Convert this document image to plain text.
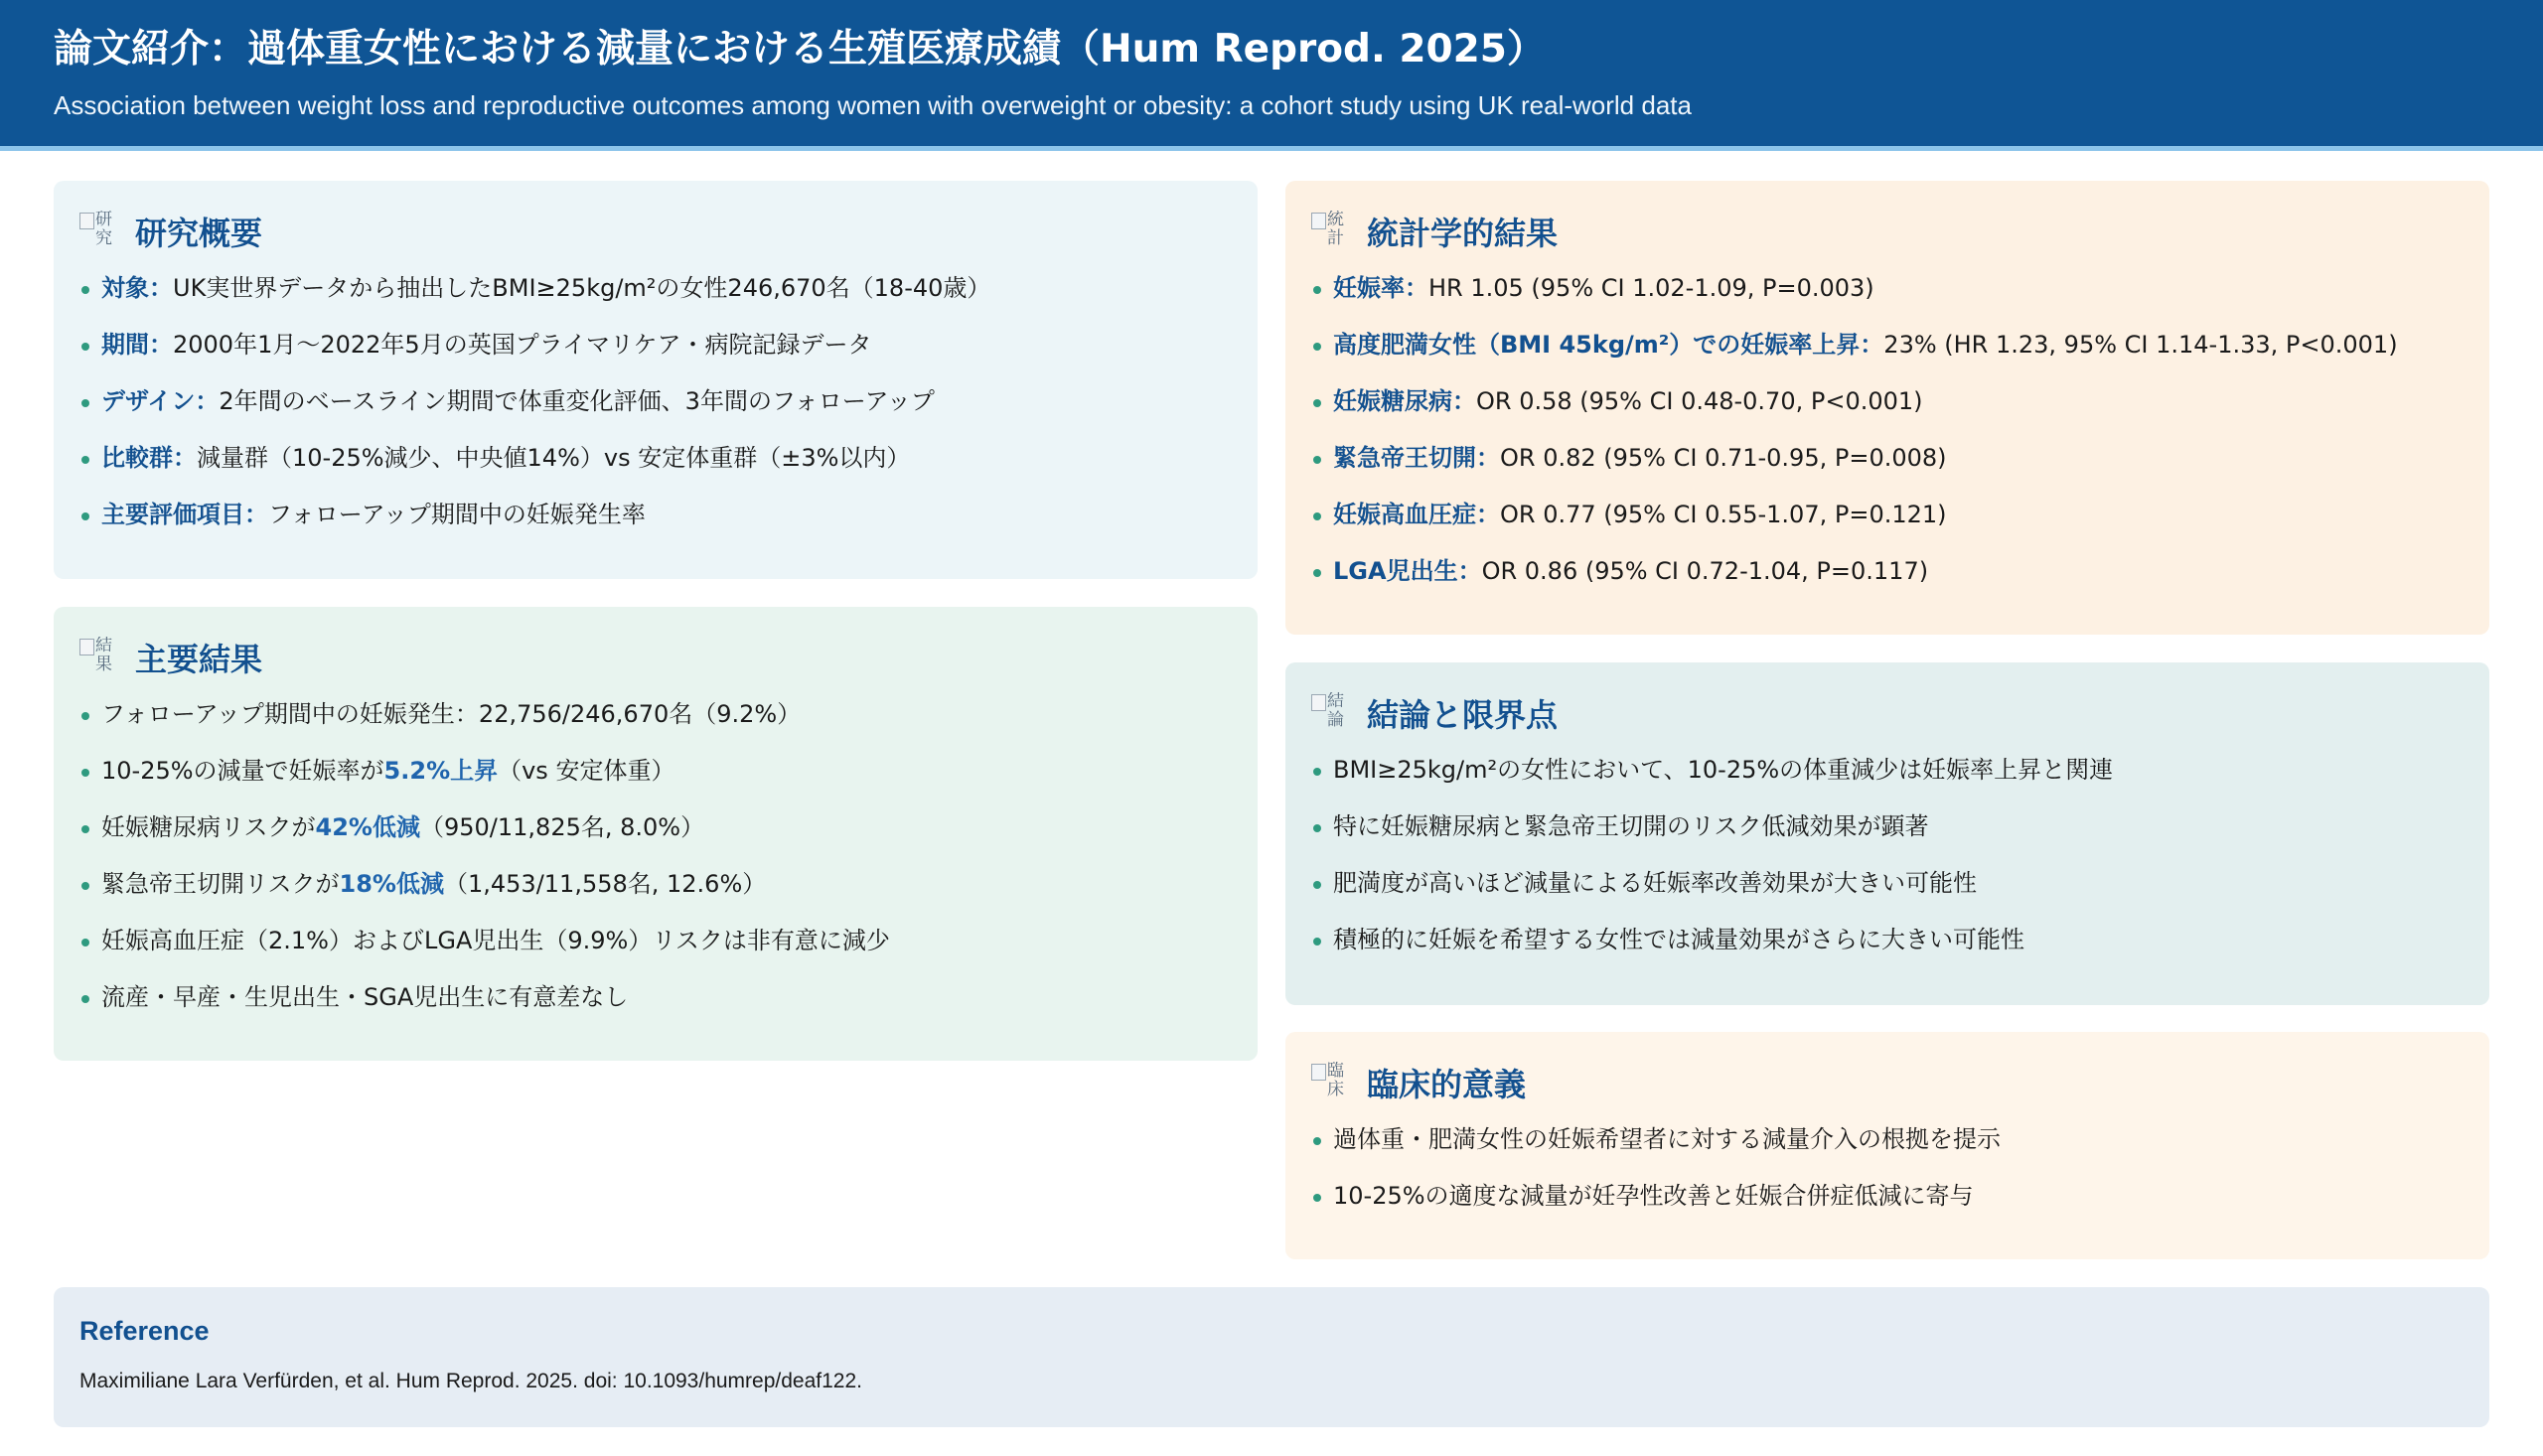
論文紹介：過体重女性における減量における生殖医療成績（Hum Reprod. 2025）
Association between weight loss and reproductive outcomes among women with overweight or obesity: a cohort study using UK real-world data
研究 研究概要
対象：UK実世界データから抽出したBMI≥25kg/m²の女性246,670名（18-40歳）
期間：2000年1月〜2022年5月の英国プライマリケア・病院記録データ
デザイン：2年間のベースライン期間で体重変化評価、3年間のフォローアップ
比較群：減量群（10-25%減少、中央値14%）vs 安定体重群（±3%以内）
主要評価項目：フォローアップ期間中の妊娠発生率
結果 主要結果
フォローアップ期間中の妊娠発生：22,756/246,670名（9.2%）
10-25%の減量で妊娠率が5.2%上昇（vs 安定体重）
妊娠糖尿病リスクが42%低減（950/11,825名, 8.0%）
緊急帝王切開リスクが18%低減（1,453/11,558名, 12.6%）
妊娠高血圧症（2.1%）およびLGA児出生（9.9%）リスクは非有意に減少
流産・早産・生児出生・SGA児出生に有意差なし
統計 統計学的結果
妊娠率：HR 1.05 (95% CI 1.02-1.09, P=0.003)
高度肥満女性（BMI 45kg/m²）での妊娠率上昇：23% (HR 1.23, 95% CI 1.14-1.33, P<0.001)
妊娠糖尿病：OR 0.58 (95% CI 0.48-0.70, P<0.001)
緊急帝王切開：OR 0.82 (95% CI 0.71-0.95, P=0.008)
妊娠高血圧症：OR 0.77 (95% CI 0.55-1.07, P=0.121)
LGA児出生：OR 0.86 (95% CI 0.72-1.04, P=0.117)
結論 結論と限界点
BMI≥25kg/m²の女性において、10-25%の体重減少は妊娠率上昇と関連
特に妊娠糖尿病と緊急帝王切開のリスク低減効果が顕著
肥満度が高いほど減量による妊娠率改善効果が大きい可能性
積極的に妊娠を希望する女性では減量効果がさらに大きい可能性
臨床 臨床的意義
過体重・肥満女性の妊娠希望者に対する減量介入の根拠を提示
10-25%の適度な減量が妊孕性改善と妊娠合併症低減に寄与
Reference
Maximiliane Lara Verfürden, et al. Hum Reprod. 2025. doi: 10.1093/humrep/deaf122.
